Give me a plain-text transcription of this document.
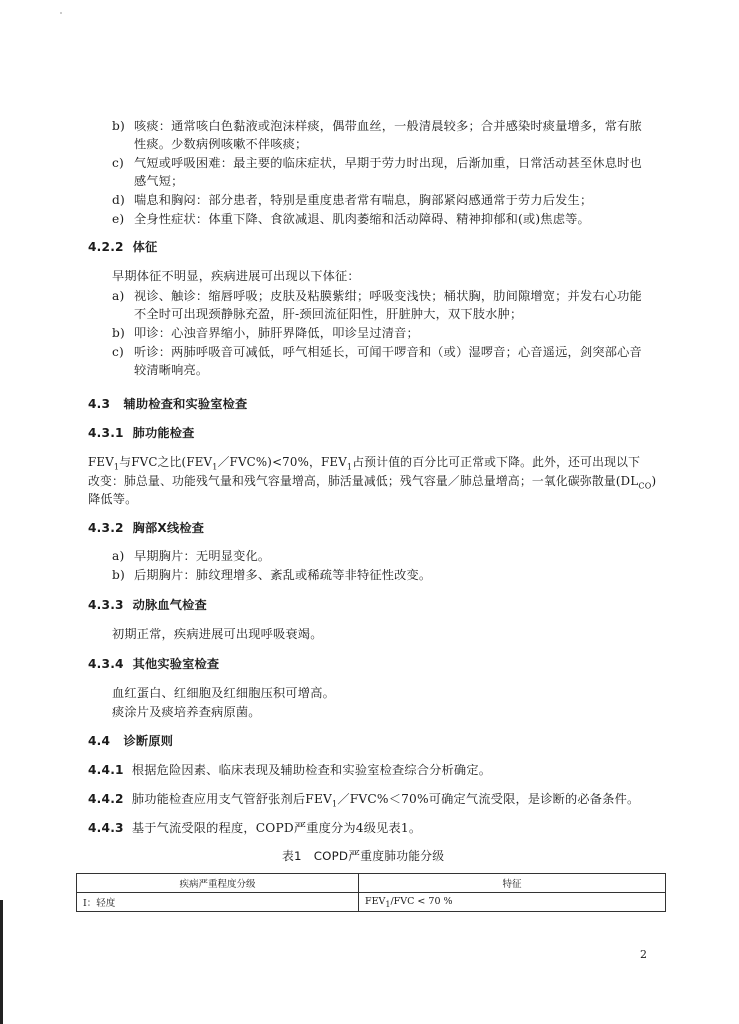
b) 咳痰：通常咳白色黏液或泡沫样痰，偶带血丝，一般清晨较多；合并感染时痰量增多，常有脓
性痰。少数病例咳嗽不伴咳痰；
c) 气短或呼吸困难：最主要的临床症状，早期于劳力时出现，后渐加重，日常活动甚至休息时也
感气短；
d) 喘息和胸闷：部分患者，特别是重度患者常有喘息，胸部紧闷感通常于劳力后发生；
e) 全身性症状：体重下降、食欲减退、肌肉萎缩和活动障碍、精神抑郁和(或)焦虑等。
4.2.2 体征
早期体征不明显，疾病进展可出现以下体征：
a) 视诊、触诊：缩唇呼吸；皮肤及粘膜紫绀；呼吸变浅快；桶状胸，肋间隙增宽；并发右心功能
不全时可出现颈静脉充盈，肝-颈回流征阳性，肝脏肿大，双下肢水肿；
b) 叩诊：心浊音界缩小，肺肝界降低，叩诊呈过清音；
c) 听诊：两肺呼吸音可减低，呼气相延长，可闻干啰音和（或）湿啰音；心音遥远，剑突部心音
较清晰响亮。
4.3 辅助检查和实验室检查
4.3.1 肺功能检查
$FEV_1$与FVC之比$(FEV_1/FVC\%)<70\%$，$FEV_1$占预计值的百分比可正常或下降。此外，还可出现以下
改变：肺总量、功能残气量和残气容量增高，肺活量减低；残气容量／肺总量增高；一氧化碳弥散量$(DL_{CO})$
降低等。
4.3.2 胸部X线检查
a) 早期胸片：无明显变化。
b) 后期胸片：肺纹理增多、紊乱或稀疏等非特征性改变。
4.3.3 动脉血气检查
初期正常，疾病进展可出现呼吸衰竭。
4.3.4 其他实验室检查
血红蛋白、红细胞及红细胞压积可增高。
痰涂片及痰培养查病原菌。
4.4 诊断原则
4.4.1 根据危险因素、临床表现及辅助检查和实验室检查综合分析确定。
4.4.2 肺功能检查应用支气管舒张剂后$FEV_1/FVC\%<70\%$可确定气流受限，是诊断的必备条件。
4.4.3 基于气流受限的程度，COPD严重度分为4级见表1。
表1　COPD严重度肺功能分级
疾病严重程度分级	特征
Ⅰ：轻度	$FEV_1$/FVC < 70 %
2
